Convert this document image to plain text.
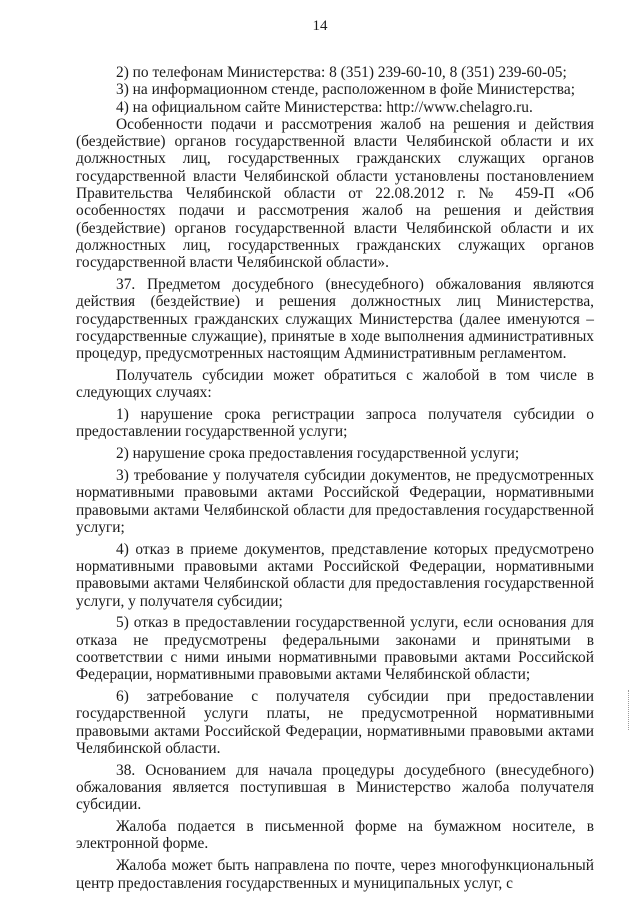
14

2) по телефонам Министерства: 8 (351) 239-60-10, 8 (351) 239-60-05;

3) на информационном стенде, расположенном в фойе Министерства;

4) на официальном сайте Министерства: http://www.chelagro.ru.

Особенности подачи и рассмотрения жалоб на решения и действия (бездействие) органов государственной власти Челябинской области и их должностных лиц, государственных гражданских служащих органов государственной власти Челябинской области установлены постановлением Правительства Челябинской области от 22.08.2012 г. № 459-П «Об особенностях подачи и рассмотрения жалоб на решения и действия (бездействие) органов государственной власти Челябинской области и их должностных лиц, государственных гражданских служащих органов государственной власти Челябинской области».

37. Предметом досудебного (внесудебного) обжалования являются действия (бездействие) и решения должностных лиц Министерства, государственных гражданских служащих Министерства (далее именуются – государственные служащие), принятые в ходе выполнения административных процедур, предусмотренных настоящим Административным регламентом.

Получатель субсидии может обратиться с жалобой в том числе в следующих случаях:

1) нарушение срока регистрации запроса получателя субсидии о предоставлении государственной услуги;

2) нарушение срока предоставления государственной услуги;

3) требование у получателя субсидии документов, не предусмотренных нормативными правовыми актами Российской Федерации, нормативными правовыми актами Челябинской области для предоставления государственной услуги;

4) отказ в приеме документов, представление которых предусмотрено нормативными правовыми актами Российской Федерации, нормативными правовыми актами Челябинской области для предоставления государственной услуги, у получателя субсидии;

5) отказ в предоставлении государственной услуги, если основания для отказа не предусмотрены федеральными законами и принятыми в соответствии с ними иными нормативными правовыми актами Российской Федерации, нормативными правовыми актами Челябинской области;

6) затребование с получателя субсидии при предоставлении государственной услуги платы, не предусмотренной нормативными правовыми актами Российской Федерации, нормативными правовыми актами Челябинской области.

38. Основанием для начала процедуры досудебного (внесудебного) обжалования является поступившая в Министерство жалоба получателя субсидии.

Жалоба подается в письменной форме на бумажном носителе, в электронной форме.

Жалоба может быть направлена по почте, через многофункциональный центр предоставления государственных и муниципальных услуг, с
